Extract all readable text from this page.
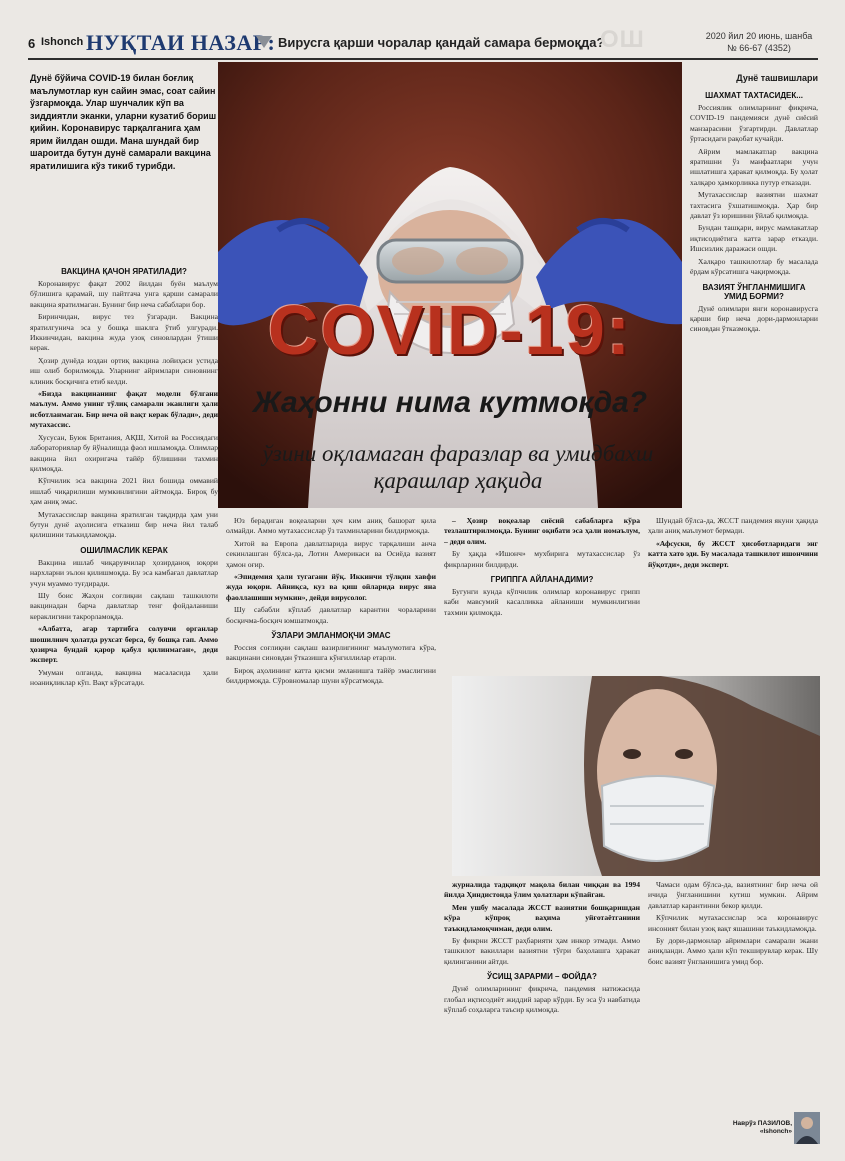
6 Ishonch НУҚТАИ НАЗАР: Вирусга қарши чоралар қандай самара бермоқда?
ОШ	2020 йил 20 июнь, шанба
№ 66-67 (4352)
Дунё бўйича COVID-19 билан боғлиқ маълумотлар кун сайин эмас, соат сайин ўзгармоқда. Улар шунчалик кўп ва зиддиятли эканки, уларни кузатиб бориш қийин. Коронавирус тарқалганига ҳам ярим йилдан ошди. Мана шундай бир шароитда бутун дунё самарали вакцина яратилишига кўз тикиб турибди.
Дунё ташвишлари
COVID-19:
Жаҳонни нима кутмоқда?
ўзини оқламаган фаразлар ва умидбахш қарашлар ҳақида
ВАКЦИНА ҚАЧОН ЯРАТИЛАДИ?

Коронавирус фақат 2002 йилдан буён маълум бўлишига қарамай, шу пайтгача унга қарши самарали вакцина яратилмаган. Бунинг бир неча сабаблари бор.

Биринчидан, вирус тез ўзгаради. Вакцина яратилгунича эса у бошқа шаклга ўтиб улгуради. Иккинчидан, вакцина жуда узоқ синовлардан ўтиши керак.

Ҳозир дунёда юздан ортиқ вакцина лойиҳаси устида иш олиб борилмоқда. Уларнинг айримлари синовнинг клиник босқичига етиб келди.

«Бизда вакцинанинг фақат модели бўлгани маълум. Аммо унинг тўлиқ самарали эканлиги ҳали исботланмаган. Бир неча ой вақт керак бўлади», деди мутахассис.

Хусусан, Буюк Британия, АҚШ, Хитой ва Россиядаги лабораториялар бу йўналишда фаол ишламоқда. Олимлар вакцина йил охиригача тайёр бўлишини тахмин қилмоқда.

Кўпчилик эса вакцина 2021 йил бошида оммавий ишлаб чиқарилиши мумкинлигини айтмоқда. Бироқ бу ҳам аниқ эмас.

Мутахассислар вакцина яратилган тақдирда ҳам уни бутун дунё аҳолисига етказиш бир неча йил талаб қилишини таъкидламоқда.

ОШИЛМАСЛИК КЕРАК

Вакцина ишлаб чиқарувчилар ҳозирданоқ юқори нархларни эълон қилишмоқда. Бу эса камбағал давлатлар учун муаммо туғдиради.

Шу боис Жаҳон соғлиқни сақлаш ташкилоти вакцинадан барча давлатлар тенг фойдаланиши кераклигини такрорламоқда.

«Албатта, агар тартибга солувчи органлар шошилинч ҳолатда рухсат берса, бу бошқа гап. Аммо ҳозирча бундай қарор қабул қилинмаган», деди эксперт.

Умуман олганда, вакцина масаласида ҳали ноаниқликлар кўп. Вақт кўрсатади.

Юз берадиган воқеаларни ҳеч ким аниқ башорат қила олмайди. Аммо мутахассислар ўз тахминларини билдирмоқда.

Хитой ва Европа давлатларида вирус тарқалиши анча секинлашган бўлса-да, Лотин Америкаси ва Осиёда вазият ҳамон оғир.

«Эпидемия ҳали тугагани йўқ. Иккинчи тўлқин хавфи жуда юқори. Айниқса, куз ва қиш ойларида вирус яна фаоллашиши мумкин», дейди вирусолог.

Шу сабабли кўплаб давлатлар карантин чораларини босқичма-босқич юмшатмоқда.

ЎЗЛАРИ ЭМЛАНМОҚЧИ ЭМАС

Россия соғлиқни сақлаш вазирлигининг маълумотига кўра, вакцинани синовдан ўтказишга кўнгиллилар етарли.

Бироқ аҳолининг катта қисми эмланишга тайёр эмаслигини билдирмоқда. Сўровномалар шуни кўрсатмоқда.

– Ҳозир воқеалар сиёсий сабабларга кўра тезлаштирилмоқда. Бунинг оқибати эса ҳали номаълум, – деди олим.

Бу ҳақда «Ишонч» мухбирига мутахассислар ўз фикрларини билдирди.

ГРИППГА АЙЛАНАДИМИ?

Бугунги кунда кўпчилик олимлар коронавирус грипп каби мавсумий касалликка айланиши мумкинлигини тахмин қилмоқда.

Шундай бўлса-да, ЖССТ пандемия якуни ҳақида ҳали аниқ маълумот бермади.

«Афсуски, бу ЖССТ ҳисоботларидаги энг катта хато эди. Бу масалада ташкилот ишончини йўқотди», деди эксперт.

журналида тадқиқот мақола билан чиққан ва 1994 йилда Ҳиндистонда ўлим ҳолатлари кўпайган.

Мен ушбу масалада ЖССТ вазиятни бошқаришдан кўра кўпроқ ваҳима уйғотаётганини таъкидламоқчиман, деди олим.

Бу фикрни ЖССТ раҳбарияти ҳам инкор этмади. Аммо ташкилот вакиллари вазиятни тўғри баҳолашга ҳаракат қилинганини айтди.

ЎСИЩ ЗАРАРМИ – ФОЙДА?

Дунё олимларининг фикрича, пандемия натижасида глобал иқтисодиёт жиддий зарар кўрди. Бу эса ўз навбатида кўплаб соҳаларга таъсир қилмоқда.

Чамаси одам бўлса-да, вазиятнинг бир неча ой ичида ўнгланишини кутиш мумкин. Айрим давлатлар карантинни бекор қилди.

Кўпчилик мутахассислар эса коронавирус инсоният билан узоқ вақт яшашини таъкидламоқда.

Бу дори-дармонлар айримлари самарали экани аниқланди. Аммо ҳали кўп текширувлар керак. Шу боис вазият ўнгланишига умид бор.

ШАХМАТ ТАХТАСИДЕК...

Россиялик олимларнинг фикрича, COVID-19 пандемияси дунё сиёсий манзарасини ўзгартирди. Давлатлар ўртасидаги рақобат кучайди.

Айрим мамлакатлар вакцина яратишни ўз манфаатлари учун ишлатишга ҳаракат қилмоқда. Бу ҳолат халқаро ҳамкорликка путур етказади.

Мутахассислар вазиятни шахмат тахтасига ўхшатишмоқда. Ҳар бир давлат ўз юришини ўйлаб қилмоқда.

Бундан ташқари, вирус мамлакатлар иқтисодиётига катта зарар етказди. Ишсизлик даражаси ошди.

Халқаро ташкилотлар бу масалада ёрдам кўрсатишга чақирмоқда.

ВАЗИЯТ ЎНГЛАНМИШИГА УМИД БОРМИ?

Дунё олимлари янги коронавирусга қарши бир неча дори-дармонларни синовдан ўтказмоқда.

Наврўз ПАЗИЛОВ,
«Ishonch»
